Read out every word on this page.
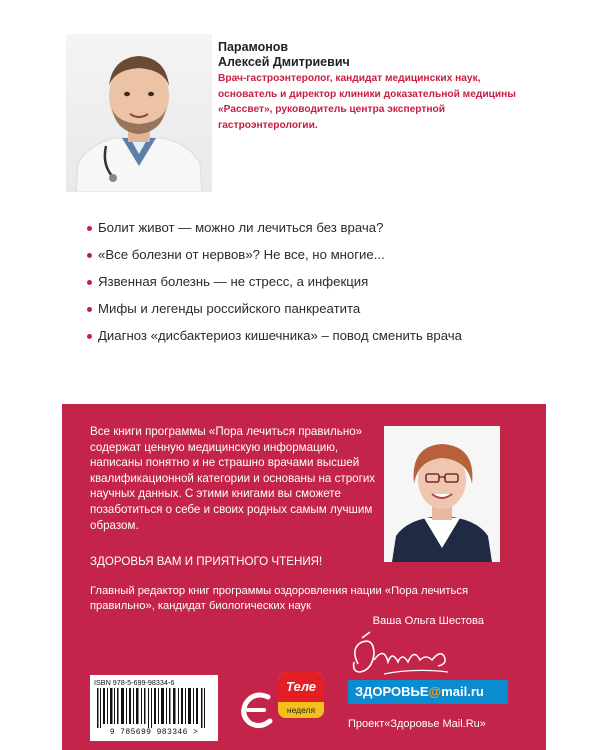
Парамонов
Алексей Дмитриевич
Врач-гастроэнтеролог, кандидат медицинских наук, основатель и директор клиники доказательной медицины «Рассвет», руководитель центра экспертной гастроэнтерологии.
Болит живот — можно ли лечиться без врача?
«Все болезни от нервов»? Не все, но многие...
Язвенная болезнь — не стресс, а инфекция
Мифы и легенды российского панкреатита
Диагноз «дисбактериоз кишечника» – повод сменить врача
Все книги программы «Пора лечиться правильно» содержат ценную медицинскую информацию, написаны понятно и не страшно врачами высшей квалификационной категории и основаны на строгих научных данных. С этими книгами вы сможете позаботиться о себе и своих родных самым лучшим образом.
ЗДОРОВЬЯ ВАМ И ПРИЯТНОГО ЧТЕНИЯ!
Главный редактор книг программы оздоровления нации «Пора лечиться правильно», кандидат биологических наук
Ваша Ольга Шестова
ISBN 978-5-699-98334-6
9 785699 983346 >
Теле
неделя
ЗДОРОВЬЕ@mail.ru
Проект«Здоровье Mail.Ru»
